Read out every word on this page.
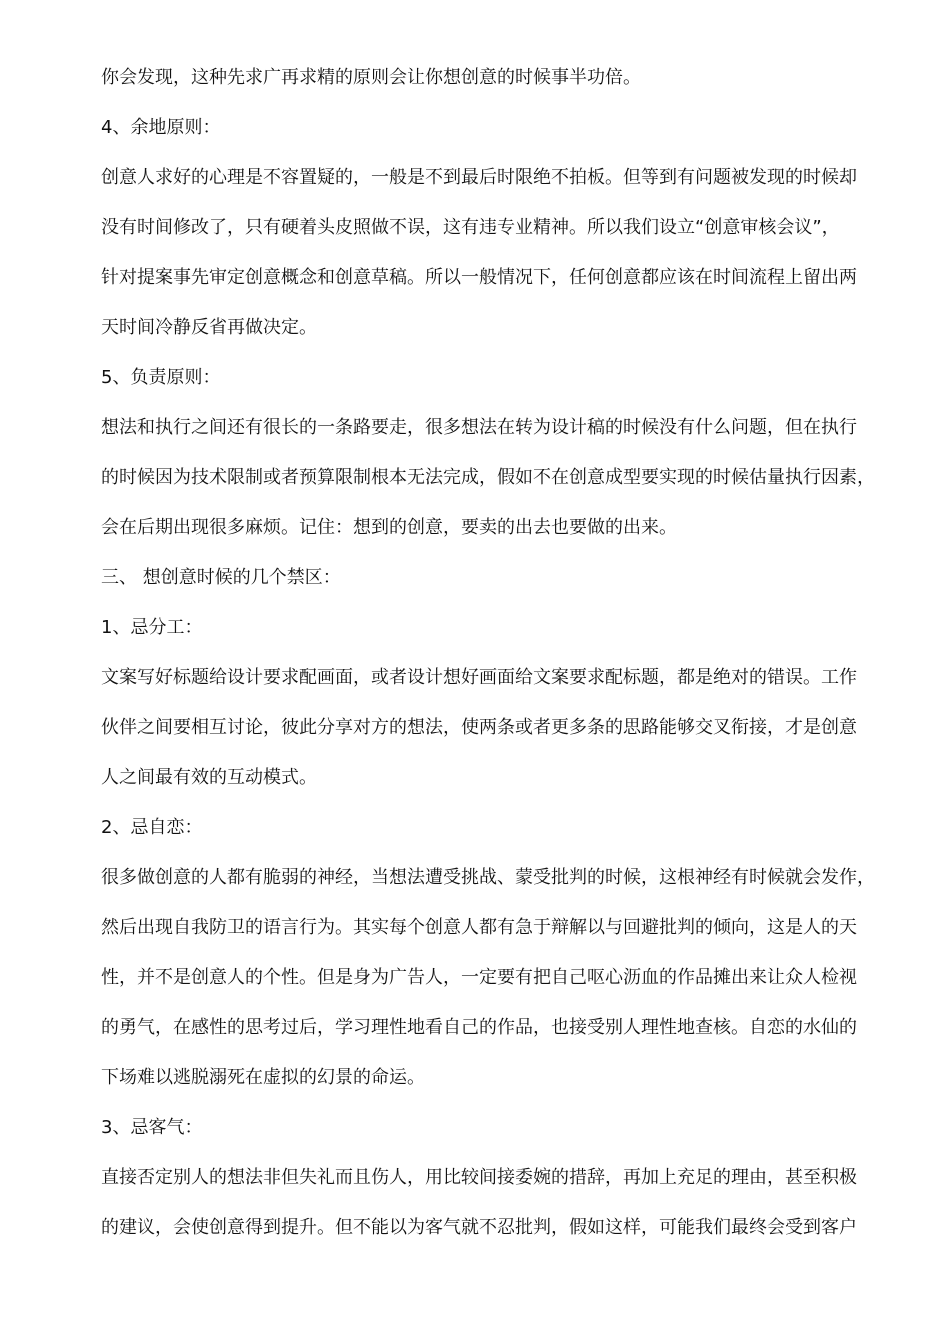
你会发现，这种先求广再求精的原则会让你想创意的时候事半功倍。
4、余地原则：
创意人求好的心理是不容置疑的，一般是不到最后时限绝不拍板。但等到有问题被发现的时候却
没有时间修改了，只有硬着头皮照做不误，这有违专业精神。所以我们设立“创意审核会议”，
针对提案事先审定创意概念和创意草稿。所以一般情况下，任何创意都应该在时间流程上留出两
天时间冷静反省再做决定。
5、负责原则：
想法和执行之间还有很长的一条路要走，很多想法在转为设计稿的时候没有什么问题，但在执行
的时候因为技术限制或者预算限制根本无法完成，假如不在创意成型要实现的时候估量执行因素，
会在后期出现很多麻烦。记住：想到的创意，要卖的出去也要做的出来。
三、 想创意时候的几个禁区：
1、忌分工：
文案写好标题给设计要求配画面，或者设计想好画面给文案要求配标题，都是绝对的错误。工作
伙伴之间要相互讨论，彼此分享对方的想法，使两条或者更多条的思路能够交叉衔接，才是创意
人之间最有效的互动模式。
2、忌自恋：
很多做创意的人都有脆弱的神经，当想法遭受挑战、蒙受批判的时候，这根神经有时候就会发作，
然后出现自我防卫的语言行为。其实每个创意人都有急于辩解以与回避批判的倾向，这是人的天
性，并不是创意人的个性。但是身为广告人，一定要有把自己呕心沥血的作品摊出来让众人检视
的勇气，在感性的思考过后，学习理性地看自己的作品，也接受别人理性地查核。自恋的水仙的
下场难以逃脱溺死在虚拟的幻景的命运。
3、忌客气：
直接否定别人的想法非但失礼而且伤人，用比较间接委婉的措辞，再加上充足的理由，甚至积极
的建议，会使创意得到提升。但不能以为客气就不忍批判，假如这样，可能我们最终会受到客户
